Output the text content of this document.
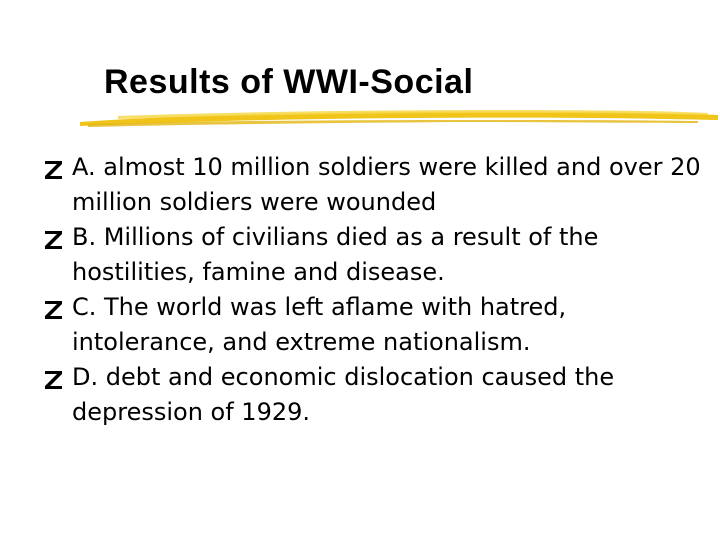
Results of WWI-Social
A. almost 10 million soldiers were killed and over 20 million soldiers were wounded
B. Millions of civilians died as a result of the hostilities, famine and disease.
C. The world was left aflame with hatred, intolerance, and extreme nationalism.
D. debt and economic dislocation caused the depression of 1929.
